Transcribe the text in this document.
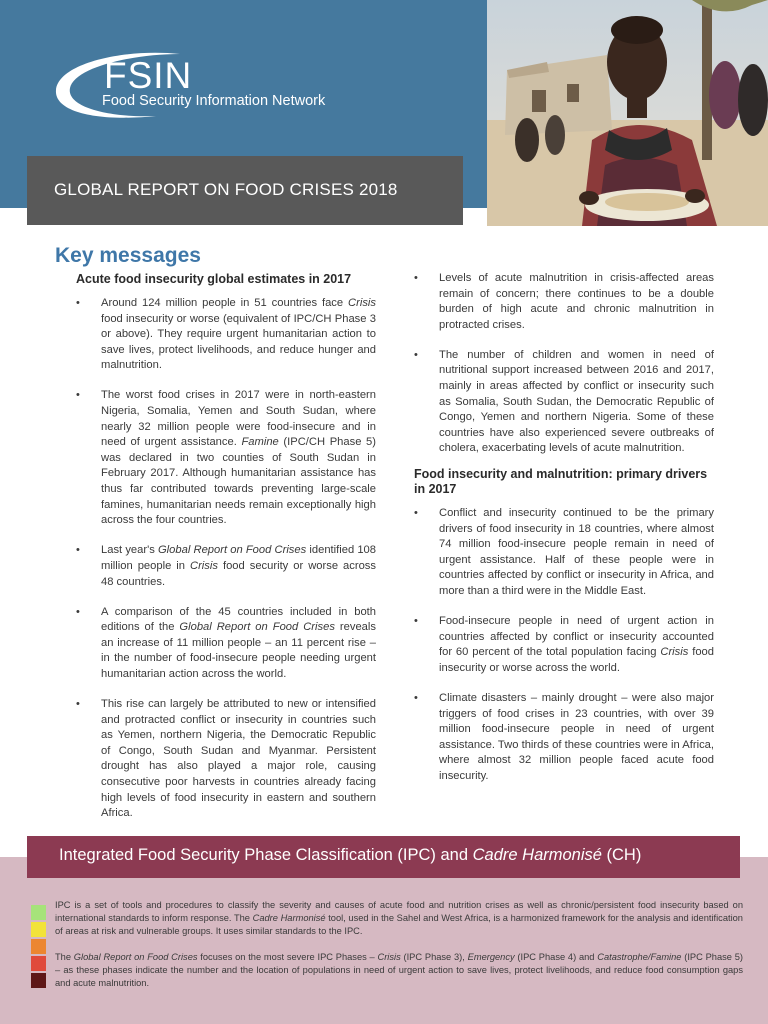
FSIN
Food Security Information Network
GLOBAL REPORT ON FOOD CRISES 2018
Key messages
Acute food insecurity global estimates in 2017
• Around 124 million people in 51 countries face Crisis food insecurity or worse (equivalent of IPC/CH Phase 3 or above). They require urgent humanitarian action to save lives, protect livelihoods, and reduce hunger and malnutrition.
• The worst food crises in 2017 were in north-eastern Nigeria, Somalia, Yemen and South Sudan, where nearly 32 million people were food-insecure and in need of urgent assistance. Famine (IPC/CH Phase 5) was declared in two counties of South Sudan in February 2017. Although humanitarian assistance has thus far contributed towards preventing large-scale famines, humanitarian needs remain exceptionally high across the four countries.
• Last year's Global Report on Food Crises identified 108 million people in Crisis food security or worse across 48 countries.
• A comparison of the 45 countries included in both editions of the Global Report on Food Crises reveals an increase of 11 million people – an 11 percent rise – in the number of food-insecure people needing urgent humanitarian action across the world.
• This rise can largely be attributed to new or intensified and protracted conflict or insecurity in countries such as Yemen, northern Nigeria, the Democratic Republic of Congo, South Sudan and Myanmar. Persistent drought has also played a major role, causing consecutive poor harvests in countries already facing high levels of food insecurity in eastern and southern Africa.
• Levels of acute malnutrition in crisis-affected areas remain of concern; there continues to be a double burden of high acute and chronic malnutrition in protracted crises.
• The number of children and women in need of nutritional support increased between 2016 and 2017, mainly in areas affected by conflict or insecurity such as Somalia, South Sudan, the Democratic Republic of Congo, Yemen and northern Nigeria. Some of these countries have also experienced severe outbreaks of cholera, exacerbating levels of acute malnutrition.
Food insecurity and malnutrition: primary drivers in 2017
• Conflict and insecurity continued to be the primary drivers of food insecurity in 18 countries, where almost 74 million food-insecure people remain in need of urgent assistance. Half of these people were in countries affected by conflict or insecurity in Africa, and more than a third were in the Middle East.
• Food-insecure people in need of urgent action in countries affected by conflict or insecurity accounted for 60 percent of the total population facing Crisis food insecurity or worse across the world.
• Climate disasters – mainly drought – were also major triggers of food crises in 23 countries, with over 39 million food-insecure people in need of urgent assistance. Two thirds of these countries were in Africa, where almost 32 million people faced acute food insecurity.
Integrated Food Security Phase Classification (IPC) and Cadre Harmonisé (CH)
IPC is a set of tools and procedures to classify the severity and causes of acute food and nutrition crises as well as chronic/persistent food insecurity based on international standards to inform response. The Cadre Harmonisé tool, used in the Sahel and West Africa, is a harmonized framework for the analysis and identification of areas at risk and vulnerable groups. It uses similar standards to the IPC.
The Global Report on Food Crises focuses on the most severe IPC Phases – Crisis (IPC Phase 3), Emergency (IPC Phase 4) and Catastrophe/Famine (IPC Phase 5) – as these phases indicate the number and the location of populations in need of urgent action to save lives, protect livelihoods, and reduce food consumption gaps and acute malnutrition.
